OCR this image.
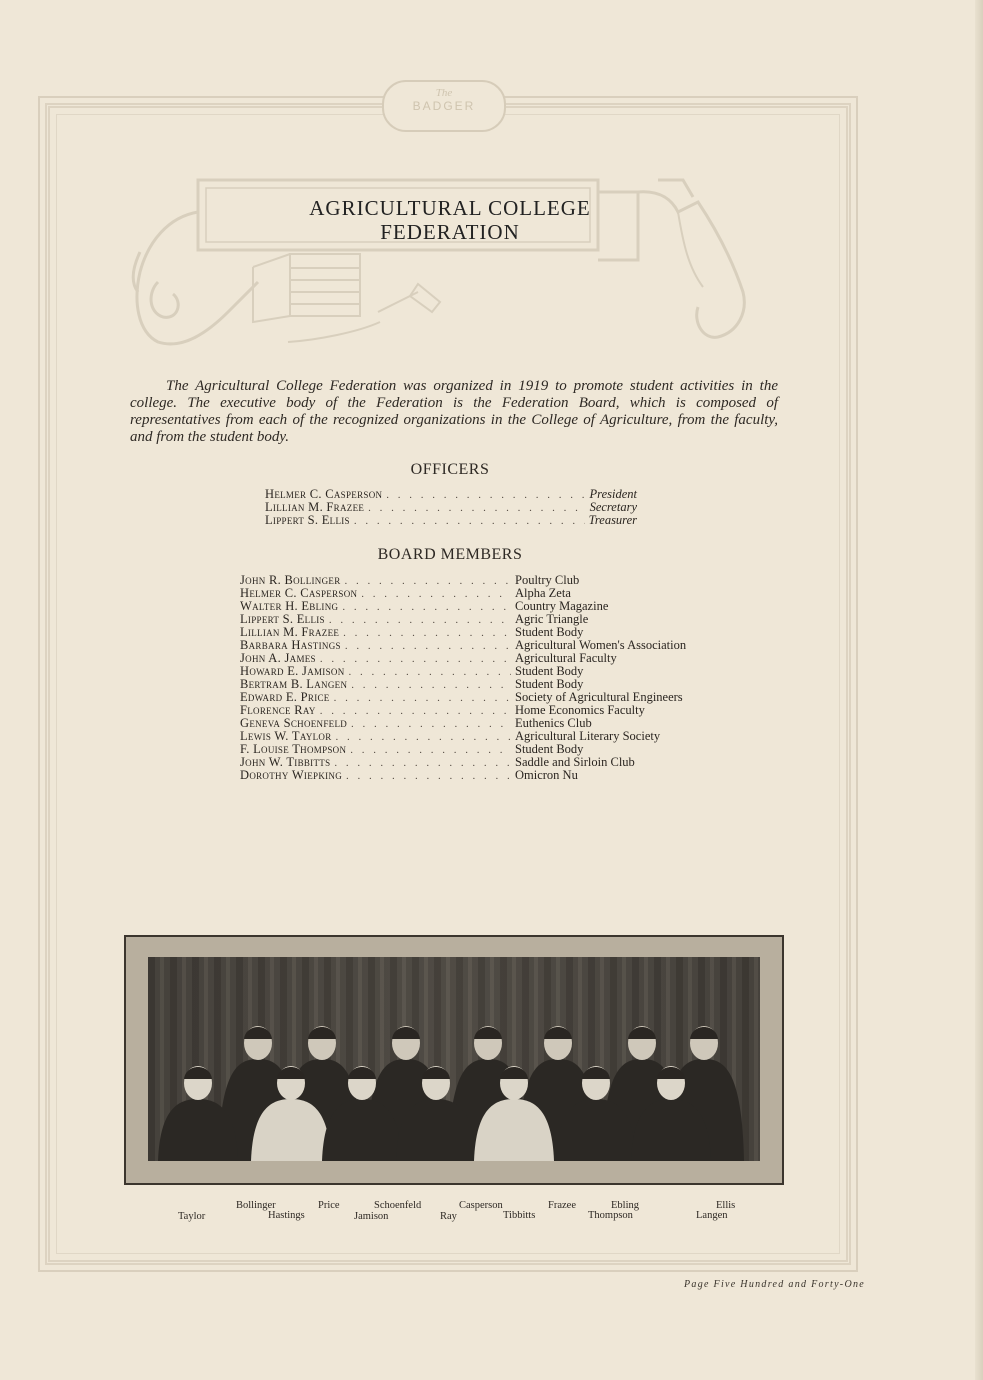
The
BADGER
AGRICULTURAL COLLEGE
FEDERATION

The Agricultural College Federation was organized in 1919 to promote student activities in the college. The executive body of the Federation is the Federation Board, which is composed of representatives from each of the recognized organizations in the College of Agriculture, from the faculty, and from the student body.

OFFICERS
Helmer C. Casperson . . .	President
Lillian M. Frazee . . .	Secretary
Lippert S. Ellis . . .	Treasurer
BOARD MEMBERS
John R. Bollinger . . .	Poultry Club
Helmer C. Casperson . . .	Alpha Zeta
Walter H. Ebling . . .	Country Magazine
Lippert S. Ellis . . .	Agric Triangle
Lillian M. Frazee . . .	Student Body
Barbara Hastings . . .	Agricultural Women's Association
John A. James . . .	Agricultural Faculty
Howard E. Jamison . . .	Student Body
Bertram B. Langen . . .	Student Body
Edward E. Price . . .	Society of Agricultural Engineers
Florence Ray . . .	Home Economics Faculty
Geneva Schoenfeld . . .	Euthenics Club
Lewis W. Taylor . . .	Agricultural Literary Society
F. Louise Thompson . . .	Student Body
John W. Tibbitts . . .	Saddle and Sirloin Club
Dorothy Wiepking . . .	Omicron Nu
Bollinger	Price	Schoenfeld	Casperson	Frazee	Ebling	Ellis
Taylor	Hastings	Jamison	Ray	Tibbitts	Thompson	Langen

Page Five Hundred and Forty-One
